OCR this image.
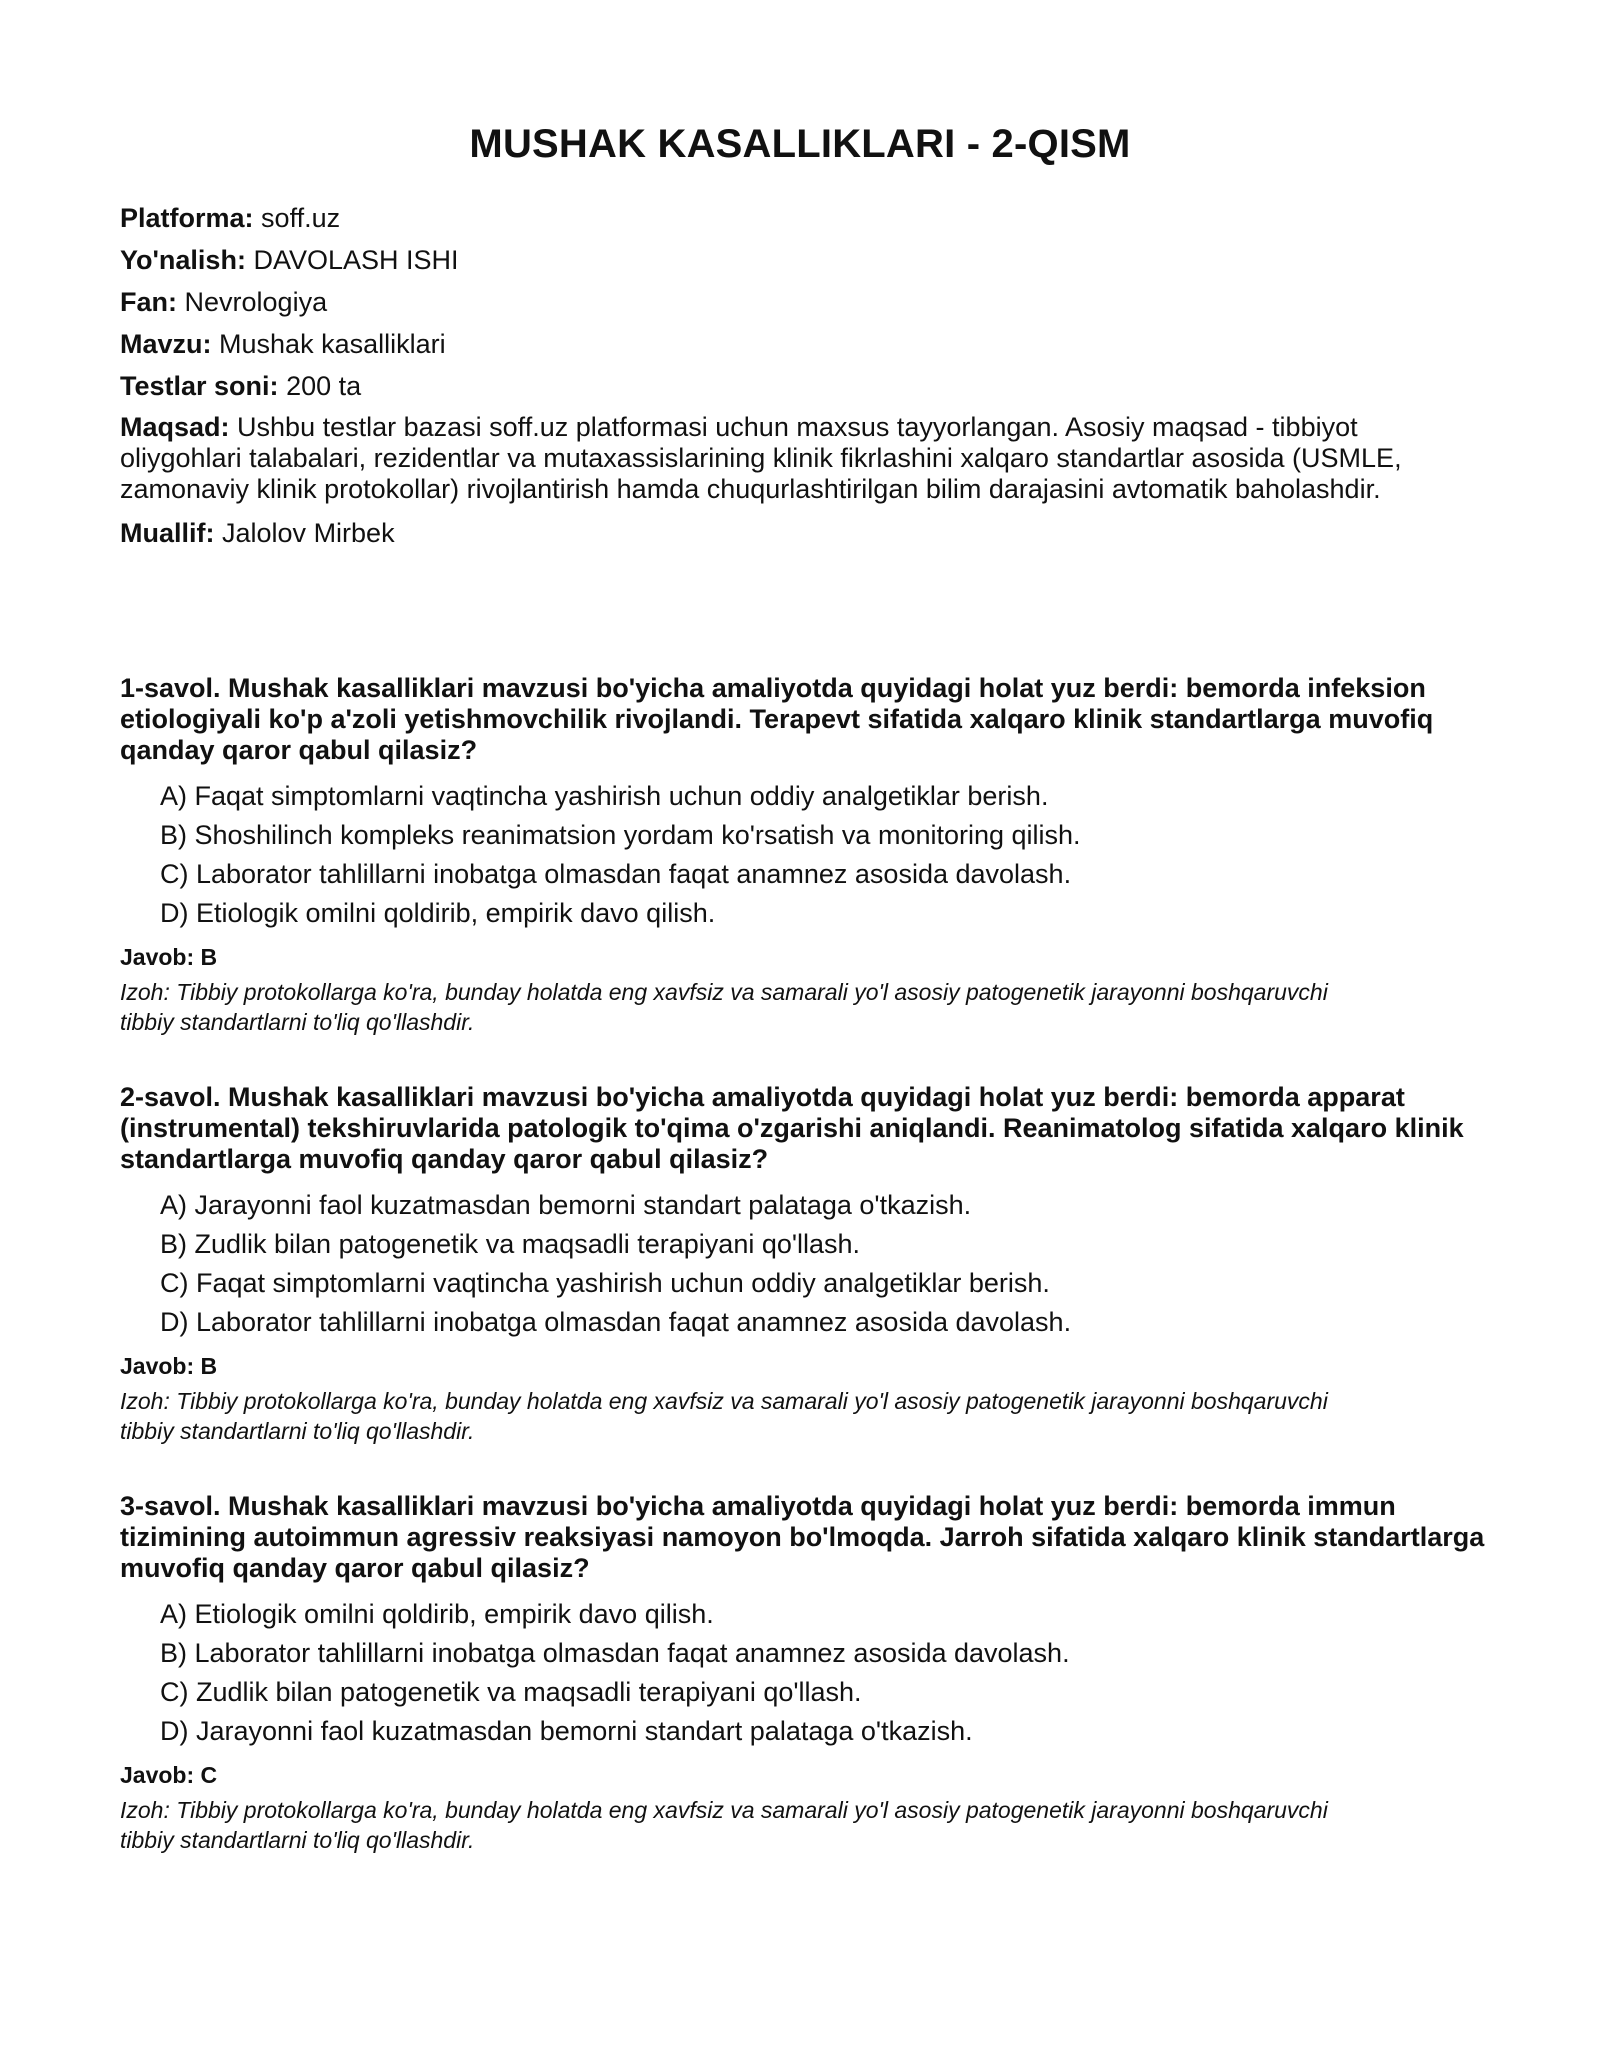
MUSHAK KASALLIKLARI - 2-QISM

Platforma: soff.uz

Yo'nalish: DAVOLASH ISHI

Fan: Nevrologiya

Mavzu: Mushak kasalliklari

Testlar soni: 200 ta

Maqsad: Ushbu testlar bazasi soff.uz platformasi uchun maxsus tayyorlangan. Asosiy maqsad - tibbiyot oliygohlari talabalari, rezidentlar va mutaxassislarining klinik fikrlashini xalqaro standartlar asosida (USMLE, zamonaviy klinik protokollar) rivojlantirish hamda chuqurlashtirilgan bilim darajasini avtomatik baholashdir.

Muallif: Jalolov Mirbek

1-savol. Mushak kasalliklari mavzusi bo'yicha amaliyotda quyidagi holat yuz berdi: bemorda infeksion etiologiyali ko'p a'zoli yetishmovchilik rivojlandi. Terapevt sifatida xalqaro klinik standartlarga muvofiq qanday qaror qabul qilasiz?

A) Faqat simptomlarni vaqtincha yashirish uchun oddiy analgetiklar berish.
B) Shoshilinch kompleks reanimatsion yordam ko'rsatish va monitoring qilish.
C) Laborator tahlillarni inobatga olmasdan faqat anamnez asosida davolash.
D) Etiologik omilni qoldirib, empirik davo qilish.

Javob: B

Izoh: Tibbiy protokollarga ko'ra, bunday holatda eng xavfsiz va samarali yo'l asosiy patogenetik jarayonni boshqaruvchi tibbiy standartlarni to'liq qo'llashdir.

2-savol. Mushak kasalliklari mavzusi bo'yicha amaliyotda quyidagi holat yuz berdi: bemorda apparat (instrumental) tekshiruvlarida patologik to'qima o'zgarishi aniqlandi. Reanimatolog sifatida xalqaro klinik standartlarga muvofiq qanday qaror qabul qilasiz?

A) Jarayonni faol kuzatmasdan bemorni standart palataga o'tkazish.
B) Zudlik bilan patogenetik va maqsadli terapiyani qo'llash.
C) Faqat simptomlarni vaqtincha yashirish uchun oddiy analgetiklar berish.
D) Laborator tahlillarni inobatga olmasdan faqat anamnez asosida davolash.

Javob: B

Izoh: Tibbiy protokollarga ko'ra, bunday holatda eng xavfsiz va samarali yo'l asosiy patogenetik jarayonni boshqaruvchi tibbiy standartlarni to'liq qo'llashdir.

3-savol. Mushak kasalliklari mavzusi bo'yicha amaliyotda quyidagi holat yuz berdi: bemorda immun tizimining autoimmun agressiv reaksiyasi namoyon bo'lmoqda. Jarroh sifatida xalqaro klinik standartlarga muvofiq qanday qaror qabul qilasiz?

A) Etiologik omilni qoldirib, empirik davo qilish.
B) Laborator tahlillarni inobatga olmasdan faqat anamnez asosida davolash.
C) Zudlik bilan patogenetik va maqsadli terapiyani qo'llash.
D) Jarayonni faol kuzatmasdan bemorni standart palataga o'tkazish.

Javob: C

Izoh: Tibbiy protokollarga ko'ra, bunday holatda eng xavfsiz va samarali yo'l asosiy patogenetik jarayonni boshqaruvchi tibbiy standartlarni to'liq qo'llashdir.
